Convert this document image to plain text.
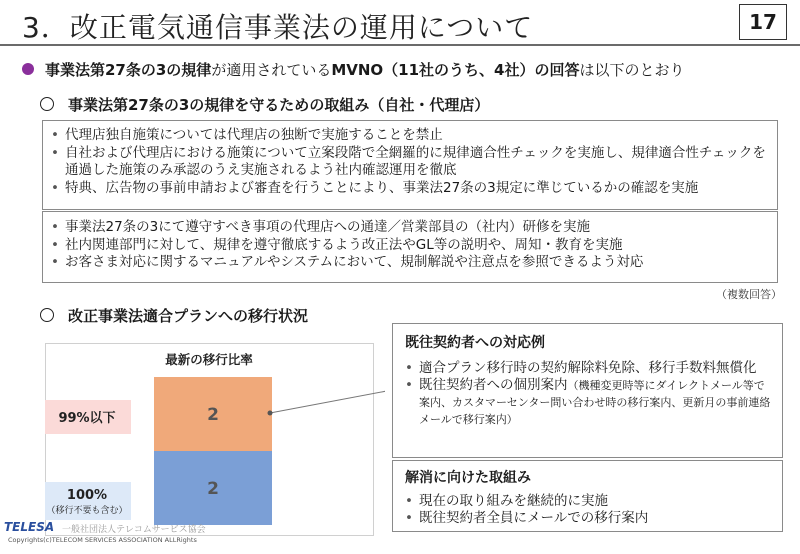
3．改正電気通信事業法の運用について	17
事業法第27条の3の規律が適用されているMVNO（11社のうち、4社）の回答は以下のとおり
事業法第27条の3の規律を守るための取組み（自社・代理店）
• 代理店独自施策については代理店の独断で実施することを禁止
• 自社および代理店における施策について立案段階で全網羅的に規律適合性チェックを実施し、規律適合性チェックを通過した施策のみ承認のうえ実施されるよう社内確認運用を徹底
• 特典、広告物の事前申請および審査を行うことにより、事業法27条の3規定に準じているかの確認を実施
• 事業法27条の3にて遵守すべき事項の代理店への通達／営業部員の（社内）研修を実施
• 社内関連部門に対して、規律を遵守徹底するよう改正法やGL等の説明や、周知・教育を実施
• お客さま対応に関するマニュアルやシステムにおいて、規制解説や注意点を参照できるよう対応
（複数回答）
改正事業法適合プランへの移行状況
最新の移行比率
2
2
99%以下
100%
（移行不要も含む）
既往契約者への対応例
• 適合プラン移行時の契約解除料免除、移行手数料無償化
• 既往契約者への個別案内（機種変更時等にダイレクトメール等で案内、カスタマーセンター問い合わせ時の移行案内、更新月の事前連絡メールで移行案内）
解消に向けた取組み
• 現在の取り組みを継続的に実施
• 既往契約者全員にメールでの移行案内
TELESA 一般社団法人テレコムサービス協会
Copyrights(c)TELECOM SERVICES ASSOCIATION ALLRights
